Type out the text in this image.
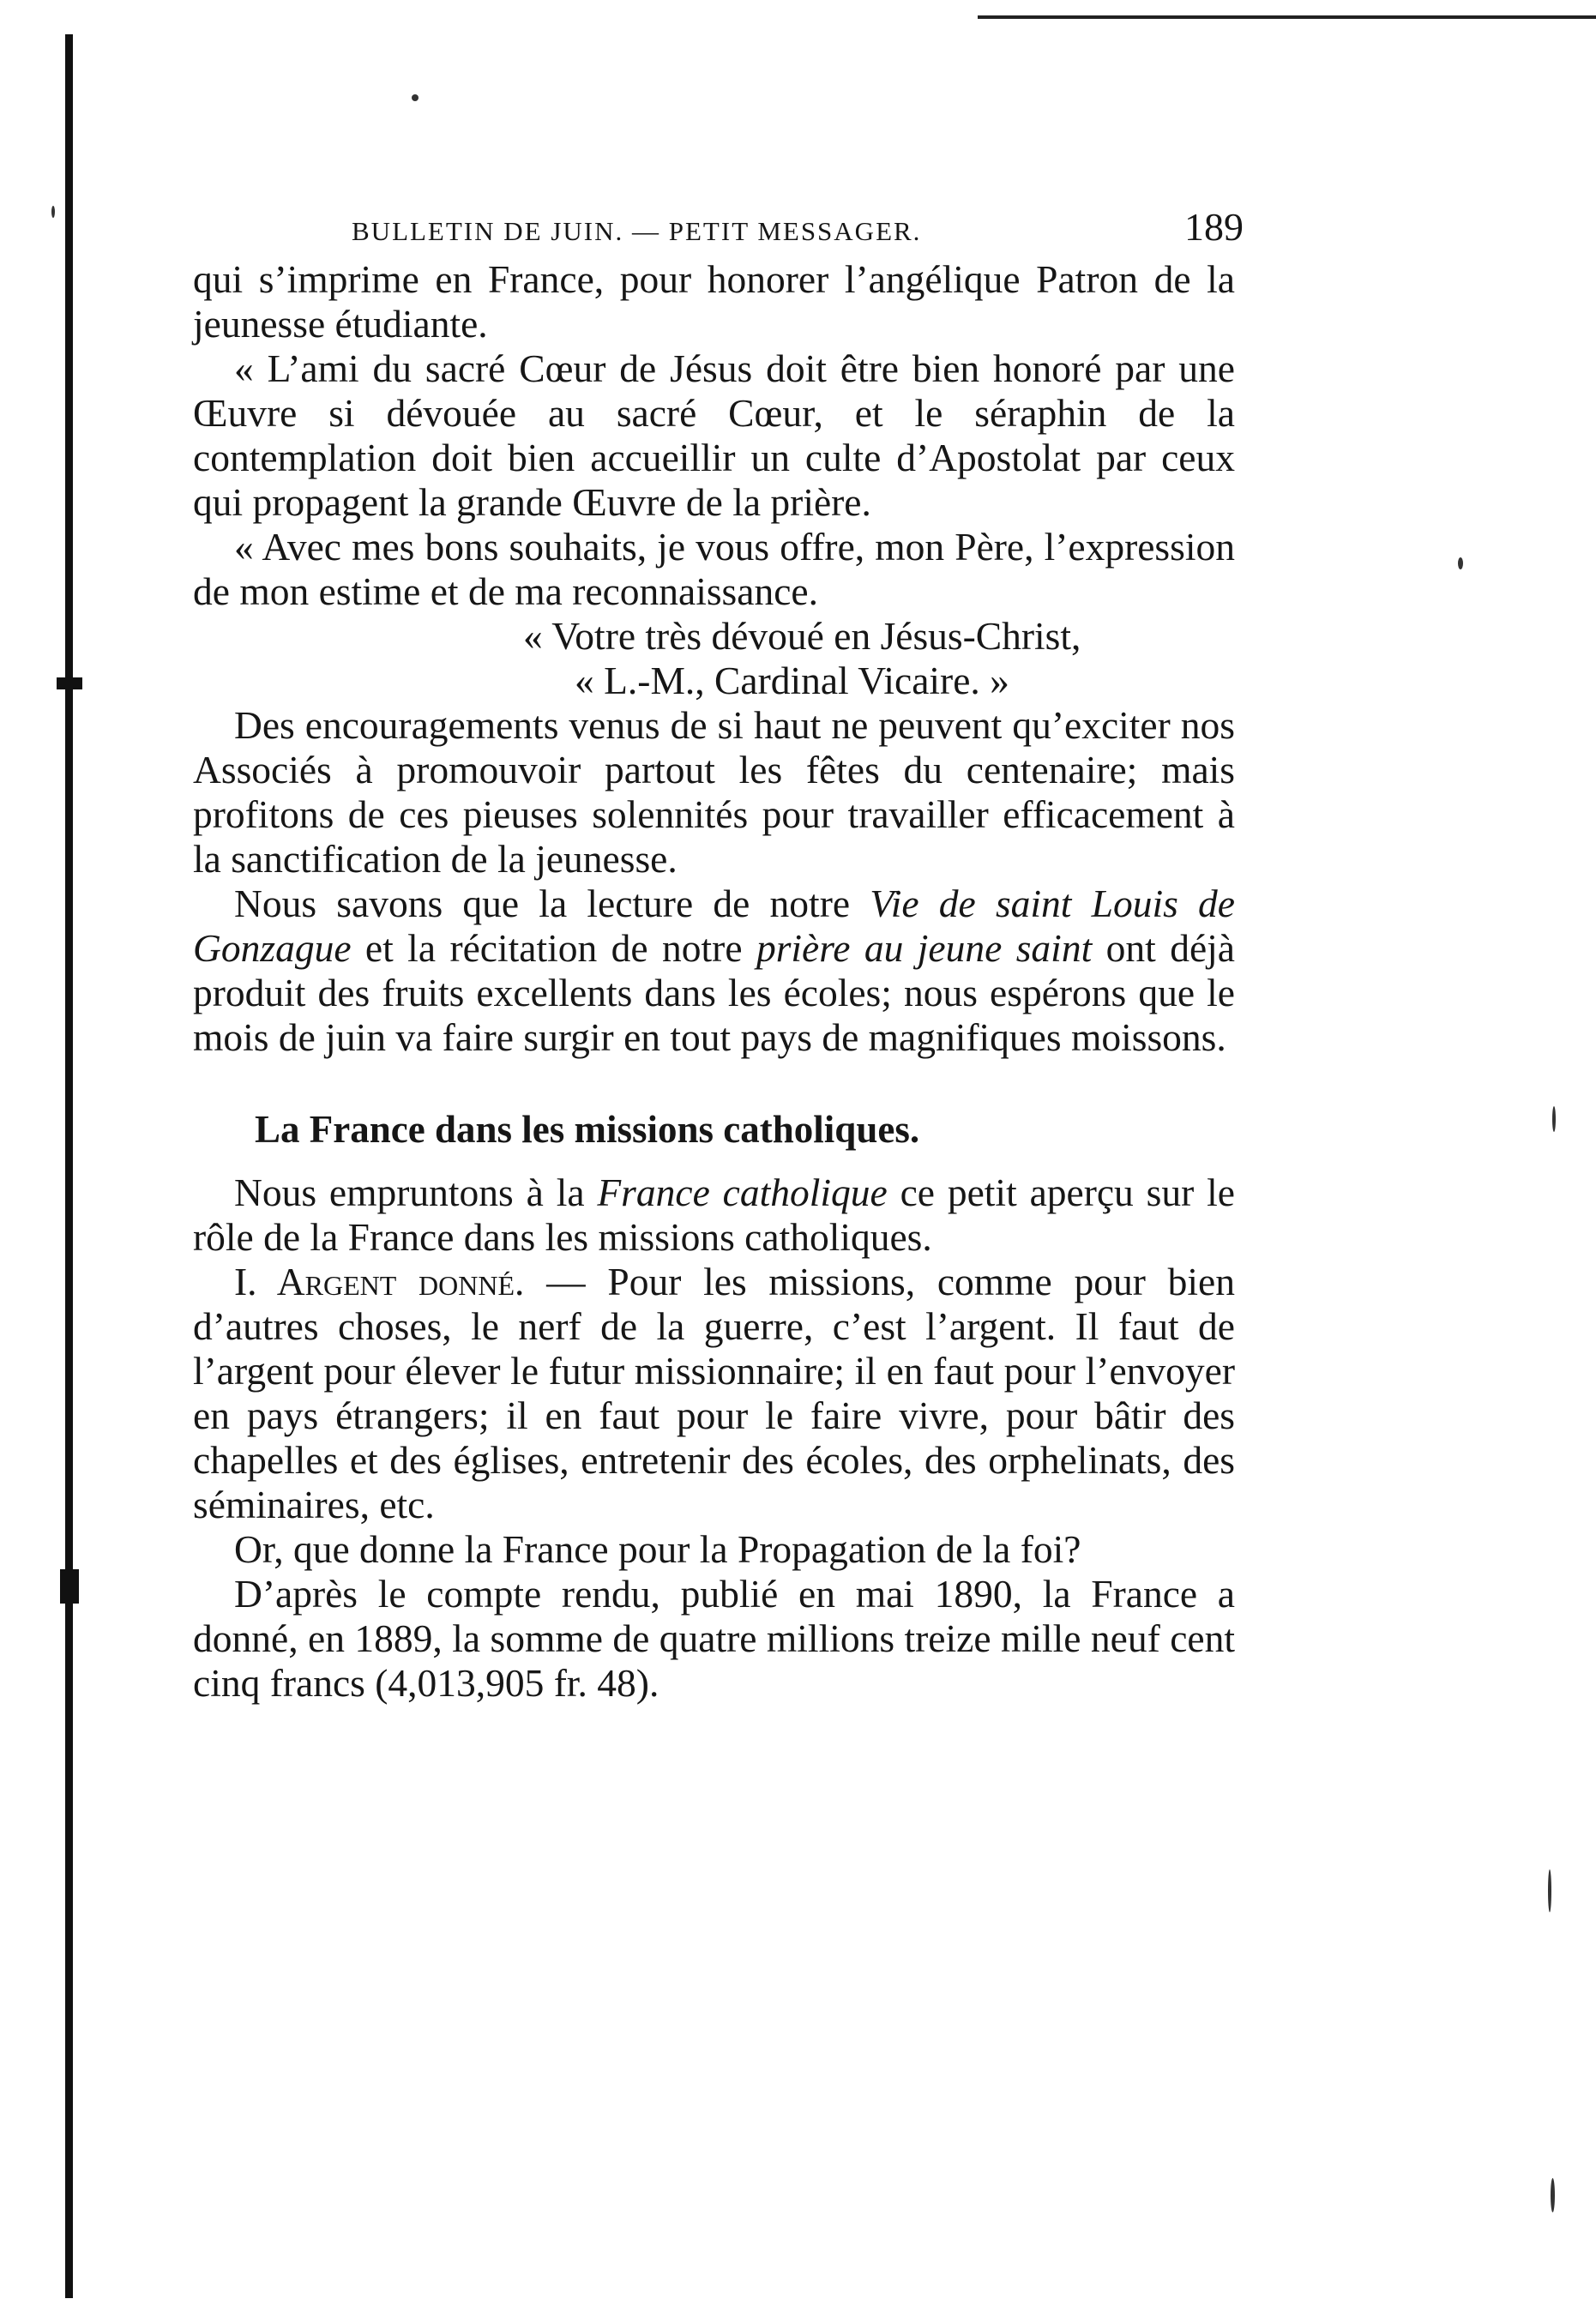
BULLETIN DE JUIN. — PETIT MESSAGER.	189

qui s’imprime en France, pour honorer l’angélique Patron de la jeunesse étudiante.

« L’ami du sacré Cœur de Jésus doit être bien honoré par une Œuvre si dévouée au sacré Cœur, et le séraphin de la contemplation doit bien accueillir un culte d’Apostolat par ceux qui propagent la grande Œuvre de la prière.

« Avec mes bons souhaits, je vous offre, mon Père, l’expression de mon estime et de ma reconnaissance.

« Votre très dévoué en Jésus-Christ,

« L.-M., Cardinal Vicaire. »

Des encouragements venus de si haut ne peuvent qu’exciter nos Associés à promouvoir partout les fêtes du centenaire; mais profitons de ces pieuses solennités pour travailler efficacement à la sanctification de la jeunesse.

Nous savons que la lecture de notre Vie de saint Louis de Gonzague et la récitation de notre prière au jeune saint ont déjà produit des fruits excellents dans les écoles; nous espérons que le mois de juin va faire surgir en tout pays de magnifiques moissons.

La France dans les missions catholiques.

Nous empruntons à la France catholique ce petit aperçu sur le rôle de la France dans les missions catholiques.

I. Argent donné. — Pour les missions, comme pour bien d’autres choses, le nerf de la guerre, c’est l’argent. Il faut de l’argent pour élever le futur missionnaire; il en faut pour l’envoyer en pays étrangers; il en faut pour le faire vivre, pour bâtir des chapelles et des églises, entretenir des écoles, des orphelinats, des séminaires, etc.

Or, que donne la France pour la Propagation de la foi?

D’après le compte rendu, publié en mai 1890, la France a donné, en 1889, la somme de quatre millions treize mille neuf cent cinq francs (4,013,905 fr. 48).
